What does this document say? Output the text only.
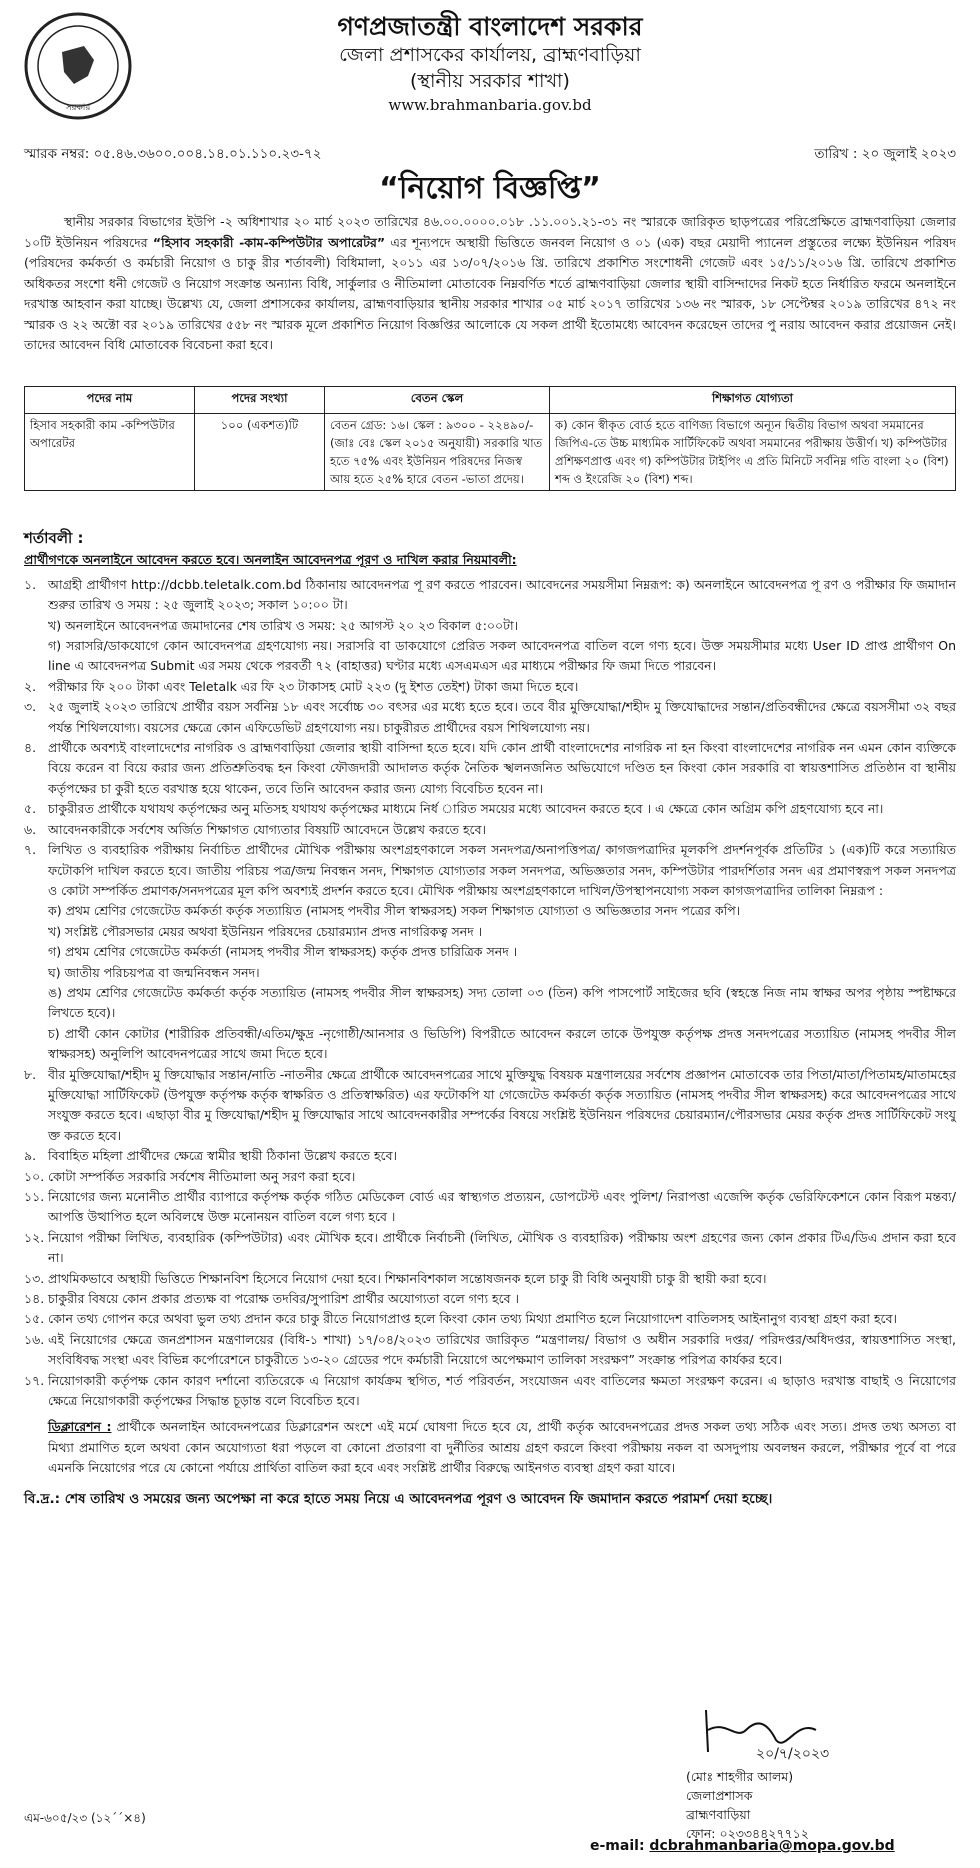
সরকার
গণপ্রজাতন্ত্রী বাংলাদেশ সরকার
জেলা প্রশাসকের কার্যালয়, ব্রাহ্মণবাড়িয়া
(স্থানীয় সরকার শাখা)
www.brahmanbaria.gov.bd
স্মারক নম্বর: ০৫.৪৬.৩৬০০.০০৪.১৪.০১.১১০.২৩-৭২	তারিখ : ২০ জুলাই ২০২৩
“নিয়োগ বিজ্ঞপ্তি”
স্থানীয় সরকার বিভাগের ইউপি -২ অধিশাখার ২০ মার্চ ২০২৩ তারিখের ৪৬.০০.০০০০.০১৮ .১১.০০১.২১-৩১ নং স্মারকে জারিকৃত ছাড়পত্রের পরিপ্রেক্ষিতে ব্রাহ্মণবাড়িয়া জেলার ১০টি ইউনিয়ন পরিষদের “হিসাব সহকারী -কাম-কম্পিউটার অপারেটর” এর শূন্যপদে অস্থায়ী ভিত্তিতে জনবল নিয়োগ ও ০১ (এক) বছর মেয়াদী প্যানেল প্রস্তুতের লক্ষ্যে ইউনিয়ন পরিষদ (পরিষদের কর্মকর্তা ও কর্মচারী নিয়োগ ও চাকু রীর শর্তাবলী) বিধিমালা, ২০১১ এর ১৩/০৭/২০১৬ খ্রি. তারিখে প্রকাশিত সংশোধনী গেজেট এবং ১৫/১১/২০১৬ খ্রি. তারিখে প্রকাশিত অধিকতর সংশো ধনী গেজেট ও নিয়োগ সংক্রান্ত অন্যান্য বিধি, সার্কুলার ও নীতিমালা মোতাবেক নিম্নবর্ণিত শর্তে ব্রাহ্মণবাড়িয়া জেলার স্থায়ী বাসিন্দাদের নিকট হতে নির্ধারিত ফরমে অনলাইনে দরখাস্ত আহবান করা যাচ্ছে। উল্লেখ্য যে, জেলা প্রশাসকের কার্যালয়, ব্রাহ্মণবাড়িয়ার স্থানীয় সরকার শাখার ০৫ মার্চ ২০১৭ তারিখের ১৩৬ নং স্মারক, ১৮ সেপ্টেম্বর ২০১৯ তারিখের ৪৭২ নং স্মারক ও ২২ অক্টো বর ২০১৯ তারিখের ৫৫৮ নং স্মারক মূলে প্রকাশিত নিয়োগ বিজ্ঞপ্তির আলোকে যে সকল প্রার্থী ইতোমধ্যে আবেদন করেছেন তাদের পু নরায় আবেদন করার প্রয়োজন নেই। তাদের আবেদন বিধি মোতাবেক বিবেচনা করা হবে।
পদের নাম	পদের সংখ্যা	বেতন স্কেল	শিক্ষাগত যোগ্যতা
হিসাব সহকারী কাম -কম্পিউটার অপারেটর	১০০ (একশত)টি	বেতন গ্রেড: ১৬। স্কেল : ৯৩০০ - ২২৪৯০/- (জাঃ বেঃ স্কেল ২০১৫ অনুযায়ী) সরকারি খাত হতে ৭৫% এবং ইউনিয়ন পরিষদের নিজস্ব আয় হতে ২৫% হারে বেতন -ভাতা প্রদেয়।	ক) কোন স্বীকৃত বোর্ড হতে বাণিজ্য বিভাগে অন্যূন দ্বিতীয় বিভাগ অথবা সমমানের জিপিএ-তে উচ্চ মাধ্যমিক সার্টিফিকেট অথবা সমমানের পরীক্ষায় উত্তীর্ণ। খ) কম্পিউটার প্রশিক্ষণপ্রাপ্ত এবং গ) কম্পিউটার টাইপিং এ প্রতি মিনিটে সর্বনিম্ন গতি বাংলা ২০ (বিশ) শব্দ ও ইংরেজি ২০ (বিশ) শব্দ।
শর্তাবলী :
প্রার্থীগণকে অনলাইনে আবেদন করতে হবে। অনলাইন আবেদনপত্র পূরণ ও দাখিল করার নিয়মাবলী:
১. আগ্রহী প্রার্থীগণ http://dcbb.teletalk.com.bd ঠিকানায় আবেদনপত্র পূ রণ করতে পারবেন। আবেদনের সময়সীমা নিম্নরূপ: ক) অনলাইনে আবেদনপত্র পূ রণ ও পরীক্ষার ফি জমাদান শুরুর তারিখ ও সময় : ২৫ জুলাই ২০২৩; সকাল ১০:০০ টা।
খ) অনলাইনে আবেদনপত্র জমাদানের শেষ তারিখ ও সময়: ২৫ আগস্ট ২০ ২৩ বিকাল ৫:০০টা।
গ) সরাসরি/ডাকযোগে কোন আবেদনপত্র গ্রহণযোগ্য নয়। সরাসরি বা ডাকযোগে প্রেরিত সকল আবেদনপত্র বাতিল বলে গণ্য হবে। উক্ত সময়সীমার মধ্যে User ID প্রাপ্ত প্রার্থীগণ On line এ আবেদনপত্র Submit এর সময় থেকে পরবর্তী ৭২ (বাহাত্তর) ঘণ্টার মধ্যে এসএমএস এর মাধ্যমে পরীক্ষার ফি জমা দিতে পারবেন।
২. পরীক্ষার ফি ২০০ টাকা এবং Teletalk এর ফি ২৩ টাকাসহ মোট ২২৩ (দু ইশত তেইশ) টাকা জমা দিতে হবে।
৩. ২৫ জুলাই ২০২৩ তারিখে প্রার্থীর বয়স সর্বনিম্ন ১৮ এবং সর্বোচ্চ ৩০ বৎসর এর মধ্যে হতে হবে। তবে বীর মুক্তিযোদ্ধা/শহীদ মু ক্তিযোদ্ধাদের সন্তান/প্রতিবন্ধীদের ক্ষেত্রে বয়সসীমা ৩২ বছর পর্যন্ত শিথিলযোগ্য। বয়সের ক্ষেত্রে কোন এফিডেভিট গ্রহণযোগ্য নয়। চাকুরীরত প্রার্থীদের বয়স শিথিলযোগ্য নয়।
৪. প্রার্থীকে অবশ্যই বাংলাদেশের নাগরিক ও ব্রাহ্মণবাড়িয়া জেলার স্থায়ী বাসিন্দা হতে হবে। যদি কোন প্রার্থী বাংলাদেশের নাগরিক না হন কিংবা বাংলাদেশের নাগরিক নন এমন কোন ব্যক্তিকে বিয়ে করেন বা বিয়ে করার জন্য প্রতিশ্রুতিবদ্ধ হন কিংবা ফৌজদারী আদালত কর্তৃক নৈতিক স্খলনজনিত অভিযোগে দণ্ডিত হন কিংবা কোন সরকারি বা স্বায়ত্তশাসিত প্রতিষ্ঠান বা স্থানীয় কর্তৃপক্ষের চা কুরী হতে বরখাস্ত হয়ে থাকেন, তবে তিনি আবেদন করার জন্য যোগ্য বিবেচিত হবেন না।
৫. চাকুরীরত প্রার্থীকে যথাযথ কর্তৃপক্ষের অনু মতিসহ যথাযথ কর্তৃপক্ষের মাধ্যমে নির্ধ ারিত সময়ের মধ্যে আবেদন করতে হবে । এ ক্ষেত্রে কোন অগ্রিম কপি গ্রহণযোগ্য হবে না।
৬. আবেদনকারীকে সর্বশেষ অর্জিত শিক্ষাগত যোগ্যতার বিষয়টি আবেদনে উল্লেখ করতে হবে।
৭. লিখিত ও ব্যবহারিক পরীক্ষায় নির্বাচিত প্রার্থীদের মৌখিক পরীক্ষায় অংশগ্রহণকালে সকল সনদপত্র/অনাপত্তিপত্র/ কাগজপত্রাদির মূলকপি প্রদর্শনপূর্বক প্রতিটির ১ (এক)টি করে সত্যায়িত ফটোকপি দাখিল করতে হবে। জাতীয় পরিচয় পত্র/জন্ম নিবন্ধন সনদ, শিক্ষাগত যোগ্যতার সকল সনদপত্র, অভিজ্ঞতার সনদ, কম্পিউটার পারদর্শিতার সনদ এর প্রমাণস্বরূপ সকল সনদপত্র ও কোটা সম্পর্কিত প্রমাণক/সনদপত্রের মূল কপি অবশ্যই প্রদর্শন করতে হবে। মৌখিক পরীক্ষায় অংশগ্রহণকালে দাখিল/উপস্থাপনযোগ্য সকল কাগজপত্রাদির তালিকা নিম্নরূপ :
ক) প্রথম শ্রেণির গেজেটেড কর্মকর্তা কর্তৃক সত্যায়িত (নামসহ পদবীর সীল স্বাক্ষরসহ) সকল শিক্ষাগত যোগ্যতা ও অভিজ্ঞতার সনদ পত্রের কপি।
খ) সংশ্লিষ্ট পৌরসভার মেয়র অথবা ইউনিয়ন পরিষদের চেয়ারম্যান প্রদত্ত নাগরিকত্ব সনদ ।
গ) প্রথম শ্রেণির গেজেটেড কর্মকর্তা (নামসহ পদবীর সীল স্বাক্ষরসহ) কর্তৃক প্রদত্ত চারিত্রিক সনদ ।
ঘ) জাতীয় পরিচয়পত্র বা জন্মনিবন্ধন সনদ।
ঙ) প্রথম শ্রেণির গেজেটেড কর্মকর্তা কর্তৃক সত্যায়িত (নামসহ পদবীর সীল স্বাক্ষরসহ) সদ্য তোলা ০৩ (তিন) কপি পাসপোর্ট সাইজের ছবি (স্বহস্তে নিজ নাম স্বাক্ষর অপর পৃষ্ঠায় স্পষ্টাক্ষরে লিখতে হবে)।
চ) প্রার্থী কোন কোটার (শারীরিক প্রতিবন্ধী/এতিম/ক্ষুদ্র -নৃগোষ্ঠী/আনসার ও ভিডিপি) বিপরীতে আবেদন করলে তাকে উপযুক্ত কর্তৃপক্ষ প্রদত্ত সনদপত্রের সত্যায়িত (নামসহ পদবীর সীল স্বাক্ষরসহ) অনুলিপি আবেদনপত্রের সাথে জমা দিতে হবে।
৮. বীর মুক্তিযোদ্ধা/শহীদ মু ক্তিযোদ্ধার সন্তান/নাতি -নাতনীর ক্ষেত্রে প্রার্থীকে আবেদনপত্রের সাথে মুক্তিযুদ্ধ বিষয়ক মন্ত্রণালয়ের সর্বশেষ প্রজ্ঞাপন মোতাবেক তার পিতা/মাতা/পিতামহ/মাতামহের মুক্তিযোদ্ধা সার্টিফিকেট (উপযুক্ত কর্তৃপক্ষ কর্তৃক স্বাক্ষরিত ও প্রতিস্বাক্ষরিত) এর ফটোকপি যা গেজেটেড কর্মকর্তা কর্তৃক সত্যায়িত (নামসহ পদবীর সীল স্বাক্ষরসহ) করে আবেদনপত্রের সাথে সংযুক্ত করতে হবে। এছাড়া বীর মু ক্তিযোদ্ধা/শহীদ মু ক্তিযোদ্ধার সাথে আবেদনকারীর সম্পর্কের বিষয়ে সংশ্লিষ্ট ইউনিয়ন পরিষদের চেয়ারম্যান/পৌরসভার মেয়র কর্তৃক প্রদত্ত সার্টিফিকেট সংযু ক্ত করতে হবে।
৯. বিবাহিত মহিলা প্রার্থীদের ক্ষেত্রে স্বামীর স্থায়ী ঠিকানা উল্লেখ করতে হবে।
১০. কোটা সম্পর্কিত সরকারি সর্বশেষ নীতিমালা অনু সরণ করা হবে।
১১. নিয়োগের জন্য মনোনীত প্রার্থীর ব্যাপারে কর্তৃপক্ষ কর্তৃক গঠিত মেডিকেল বোর্ড এর স্বাস্থ্যগত প্রত্যয়ন, ডোপটেস্ট এবং পুলিশ/ নিরাপত্তা এজেন্সি কর্তৃক ভেরিফিকেশনে কোন বিরূপ মন্তব্য/আপত্তি উত্থাপিত হলে অবিলম্বে উক্ত মনোনয়ন বাতিল বলে গণ্য হবে ।
১২. নিয়োগ পরীক্ষা লিখিত, ব্যবহারিক (কম্পিউটার) এবং মৌখিক হবে। প্রার্থীকে নির্বাচনী (লিখিত, মৌখিক ও ব্যবহারিক) পরীক্ষায় অংশ গ্রহণের জন্য কোন প্রকার টিএ/ডিএ প্রদান করা হবে না।
১৩. প্রাথমিকভাবে অস্থায়ী ভিত্তিতে শিক্ষানবিশ হিসেবে নিয়োগ দেয়া হবে। শিক্ষানবিশকাল সন্তোষজনক হলে চাকু রী বিধি অনুযায়ী চাকু রী স্থায়ী করা হবে।
১৪. চাকুরীর বিষয়ে কোন প্রকার প্রত্যক্ষ বা পরোক্ষ তদবির/সুপারিশ প্রার্থীর অযোগ্যতা বলে গণ্য হবে ।
১৫. কোন তথ্য গোপন করে অথবা ভুল তথ্য প্রদান করে চাকু রীতে নিয়োগপ্রাপ্ত হলে কিংবা কোন তথ্য মিথ্যা প্রমাণিত হলে নিয়োগাদেশ বাতিলসহ আইনানুগ ব্যবস্থা গ্রহণ করা হবে।
১৬. এই নিয়োগের ক্ষেত্রে জনপ্রশাসন মন্ত্রণালয়ের (বিধি-১ শাখা) ১৭/০৪/২০২৩ তারিখের জারিকৃত “মন্ত্রণালয়/ বিভাগ ও অধীন সরকারি দপ্তর/ পরিদপ্তর/অধিদপ্তর, স্বায়ত্তশাসিত সংস্থা, সংবিধিবদ্ধ সংস্থা এবং বিভিন্ন কর্পোরেশনে চাকুরীতে ১৩-২০ গ্রেডের পদে কর্মচারী নিয়োগে অপেক্ষমাণ তালিকা সংরক্ষণ” সংক্রান্ত পরিপত্র কার্যকর হবে।
১৭. নিয়োগকারী কর্তৃপক্ষ কোন কারণ দর্শানো ব্যতিরেকে এ নিয়োগ কার্যক্রম স্থগিত, শর্ত পরিবর্তন, সংযোজন এবং বাতিলের ক্ষমতা সংরক্ষণ করেন। এ ছাড়াও দরখাস্ত বাছাই ও নিয়োগের ক্ষেত্রে নিয়োগকারী কর্তৃপক্ষের সিদ্ধান্ত চূড়ান্ত বলে বিবেচিত হবে।
ডিক্লারেশন : প্রার্থীকে অনলাইন আবেদনপত্রের ডিক্লারেশন অংশে এই মর্মে ঘোষণা দিতে হবে যে, প্রার্থী কর্তৃক আবেদনপত্রের প্রদত্ত সকল তথ্য সঠিক এবং সত্য। প্রদত্ত তথ্য অসত্য বা মিথ্যা প্রমাণিত হলে অথবা কোন অযোগ্যতা ধরা পড়লে বা কোনো প্রতারণা বা দুর্নীতির আশ্রয় গ্রহণ করলে কিংবা পরীক্ষায় নকল বা অসদুপায় অবলম্বন করলে, পরীক্ষার পূর্বে বা পরে এমনকি নিয়োগের পরে যে কোনো পর্যায়ে প্রার্থিতা বাতিল করা হবে এবং সংশ্লিষ্ট প্রার্থীর বিরুদ্ধে আইনগত ব্যবস্থা গ্রহণ করা যাবে।
বি.দ্র.: শেষ তারিখ ও সময়ের জন্য অপেক্ষা না করে হাতে সময় নিয়ে এ আবেদনপত্র পূরণ ও আবেদন ফি জমাদান করতে পরামর্শ দেয়া হচ্ছে।
২০/৭/২০২৩
(মোঃ শাহগীর আলম)
জেলাপ্রশাসক
ব্রাহ্মণবাড়িয়া
ফোন: ০২৩৩৪৪২৭৭১২
এম-৬০৫/২৩ (১২´´×৪)
e-mail: dcbrahmanbaria@mopa.gov.bd
